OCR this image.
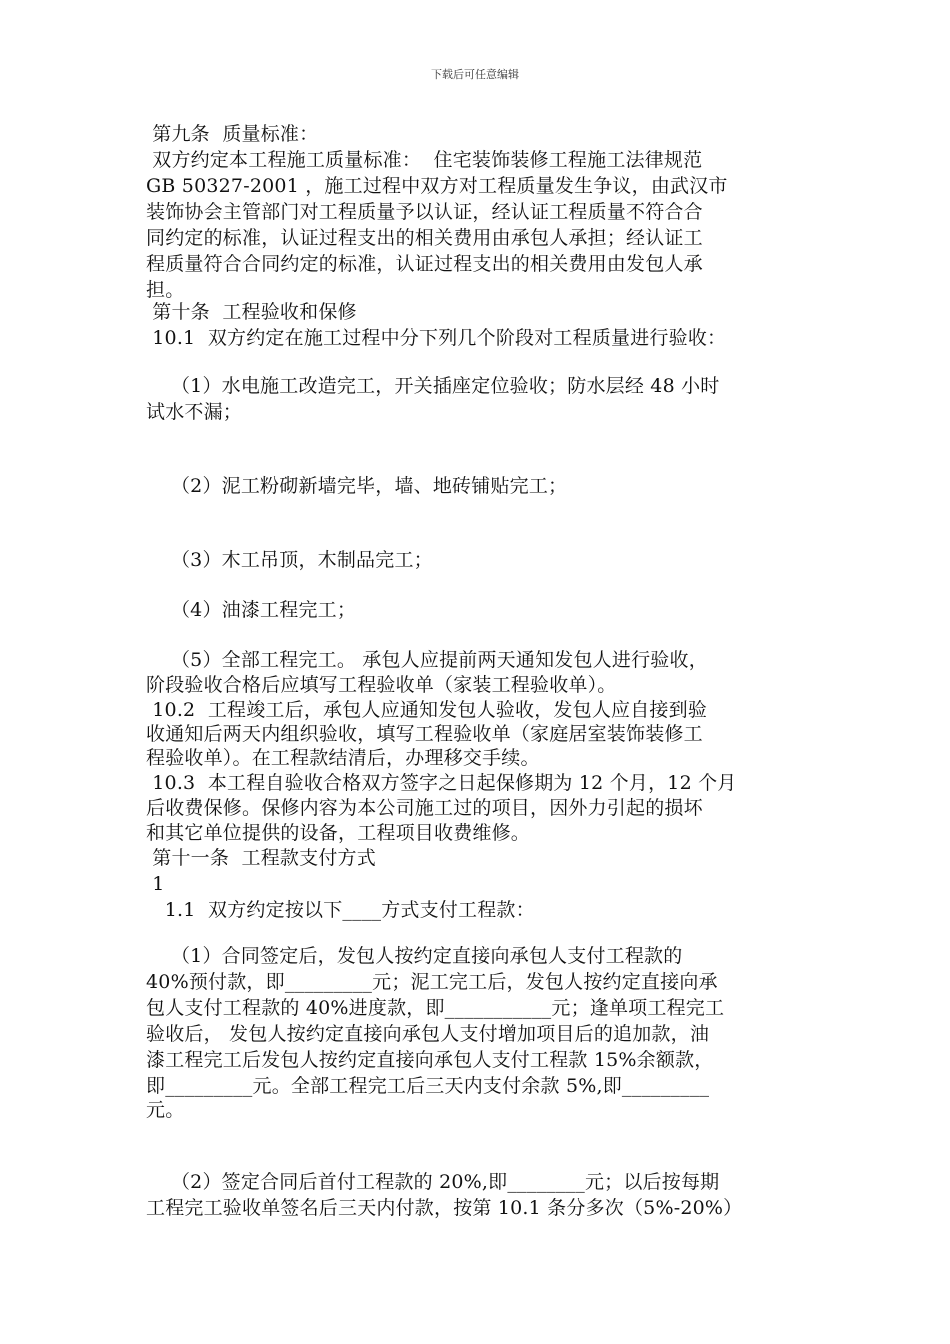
下载后可任意编辑
第九条  质量标准：
双方约定本工程施工质量标准：  住宅装饰装修工程施工法律规范
GB 50327-2001 ，施工过程中双方对工程质量发生争议，由武汉市
装饰协会主管部门对工程质量予以认证，经认证工程质量不符合合
同约定的标准，认证过程支出的相关费用由承包人承担；经认证工
程质量符合合同约定的标准，认证过程支出的相关费用由发包人承
担。
第十条  工程验收和保修
10.1  双方约定在施工过程中分下列几个阶段对工程质量进行验收：
（1）水电施工改造完工，开关插座定位验收；防水层经 48 小时
试水不漏；
（2）泥工粉砌新墙完毕，墙、地砖铺贴完工；
（3）木工吊顶，木制品完工；
（4）油漆工程完工；
（5）全部工程完工。 承包人应提前两天通知发包人进行验收，
阶段验收合格后应填写工程验收单（家装工程验收单）。
10.2  工程竣工后，承包人应通知发包人验收，发包人应自接到验
收通知后两天内组织验收，填写工程验收单（家庭居室装饰装修工
程验收单）。在工程款结清后，办理移交手续。
10.3  本工程自验收合格双方签字之日起保修期为 12 个月，12 个月
后收费保修。保修内容为本公司施工过的项目，因外力引起的损坏
和其它单位提供的设备，工程项目收费维修。
第十一条  工程款支付方式
1
1.1  双方约定按以下____方式支付工程款：
（1）合同签定后，发包人按约定直接向承包人支付工程款的
40%预付款，即_________元；泥工完工后，发包人按约定直接向承
包人支付工程款的 40%进度款，即___________元；逢单项工程完工
验收后， 发包人按约定直接向承包人支付增加项目后的追加款，油
漆工程完工后发包人按约定直接向承包人支付工程款 15%余额款，
即_________元。全部工程完工后三天内支付余款 5%,即_________
元。
（2）签定合同后首付工程款的 20%,即________元；以后按每期
工程完工验收单签名后三天内付款，按第 10.1 条分多次（5%-20%）
